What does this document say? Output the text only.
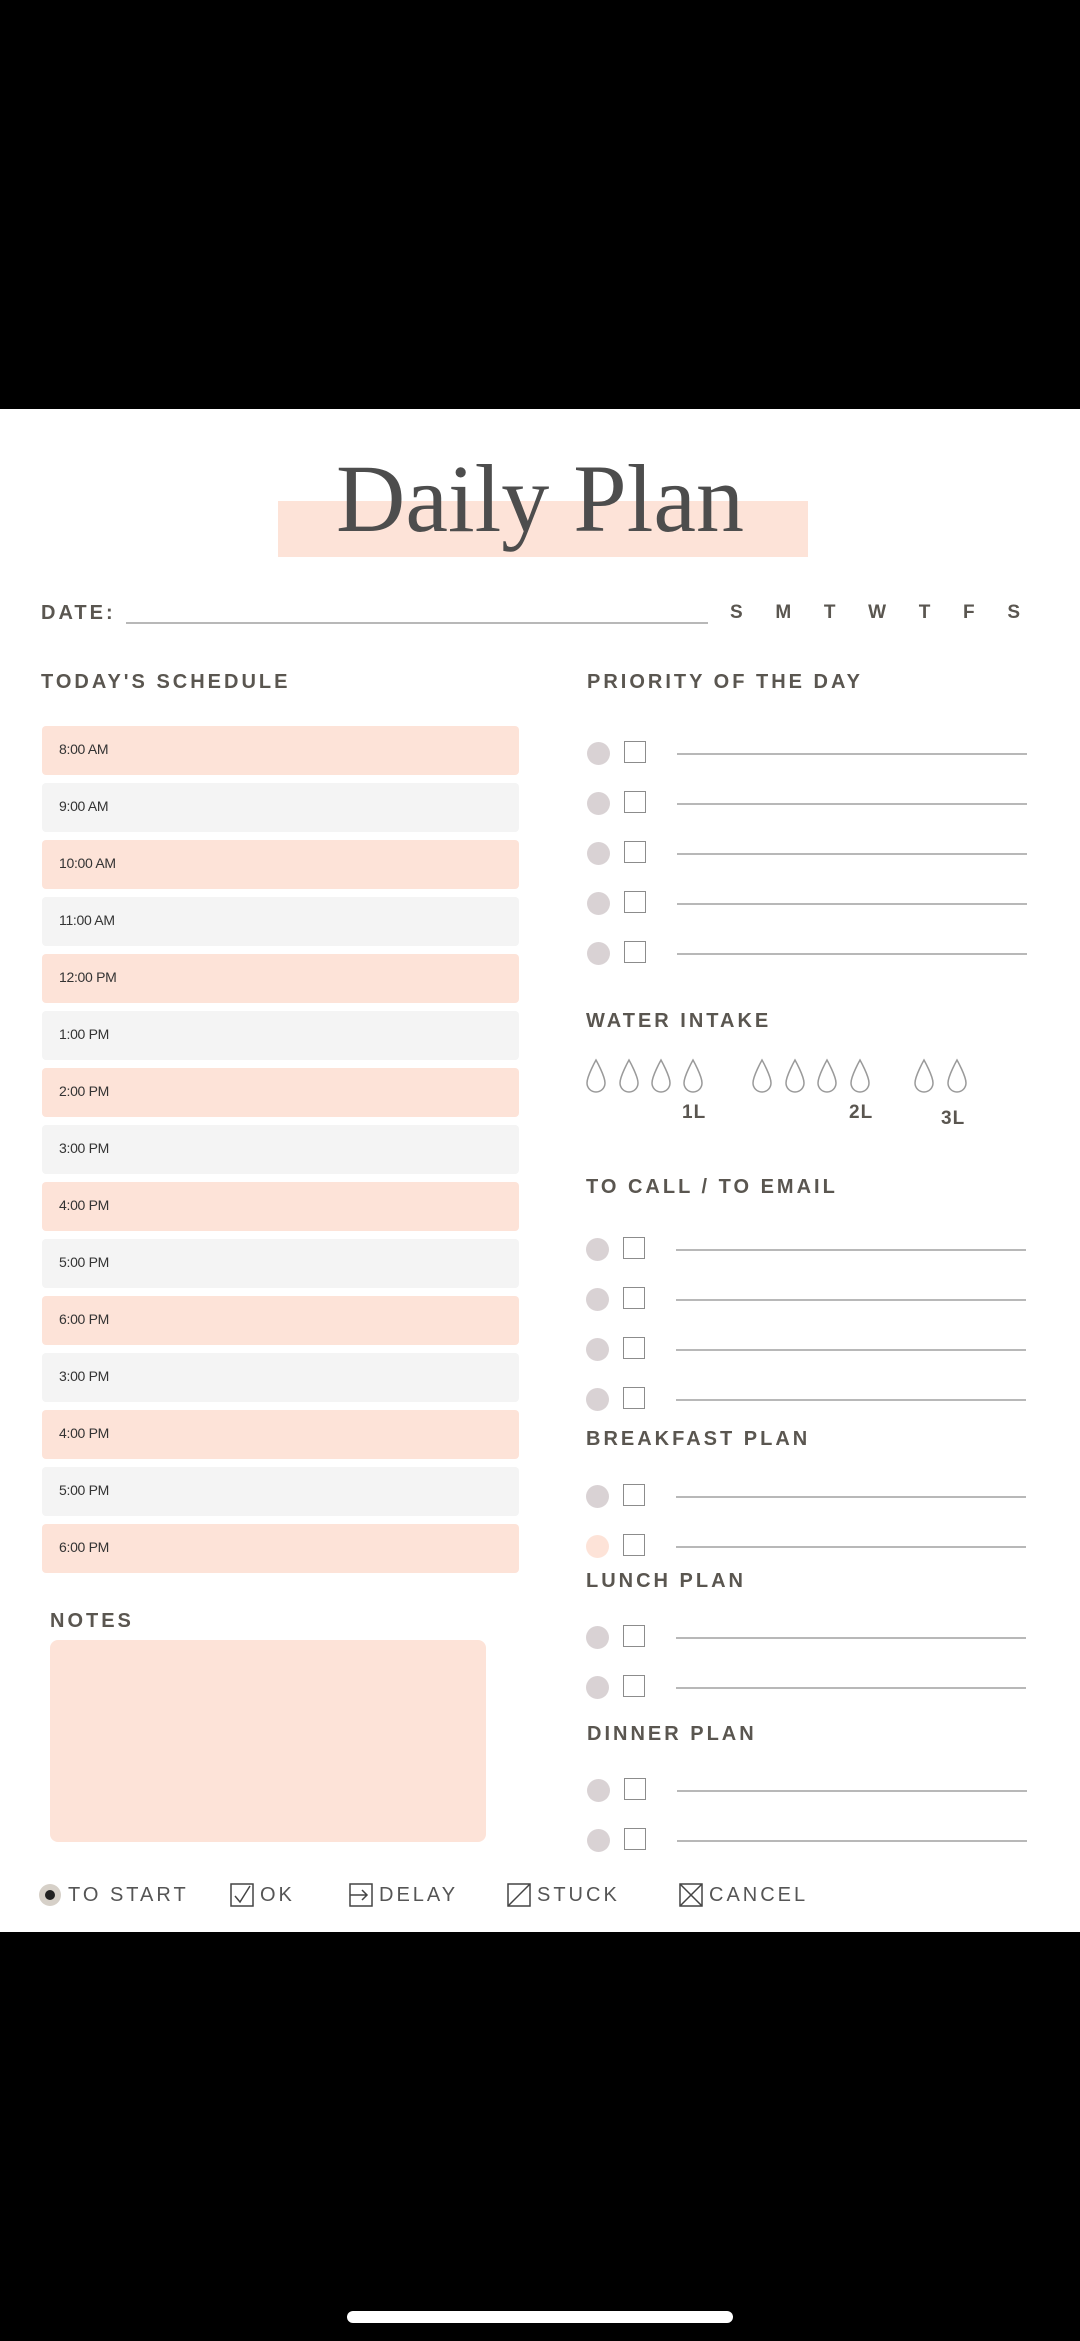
Daily Plan
DATE:	S M T W T F S
TODAY'S SCHEDULE
8:00 AM
9:00 AM
10:00 AM
11:00 AM
12:00 PM
1:00 PM
2:00 PM
3:00 PM
4:00 PM
5:00 PM
6:00 PM
3:00 PM
4:00 PM
5:00 PM
6:00 PM
NOTES
PRIORITY OF THE DAY
WATER INTAKE
1L	2L	3L
TO CALL / TO EMAIL
BREAKFAST PLAN
LUNCH PLAN
DINNER PLAN
TO START	OK	DELAY	STUCK	CANCEL
